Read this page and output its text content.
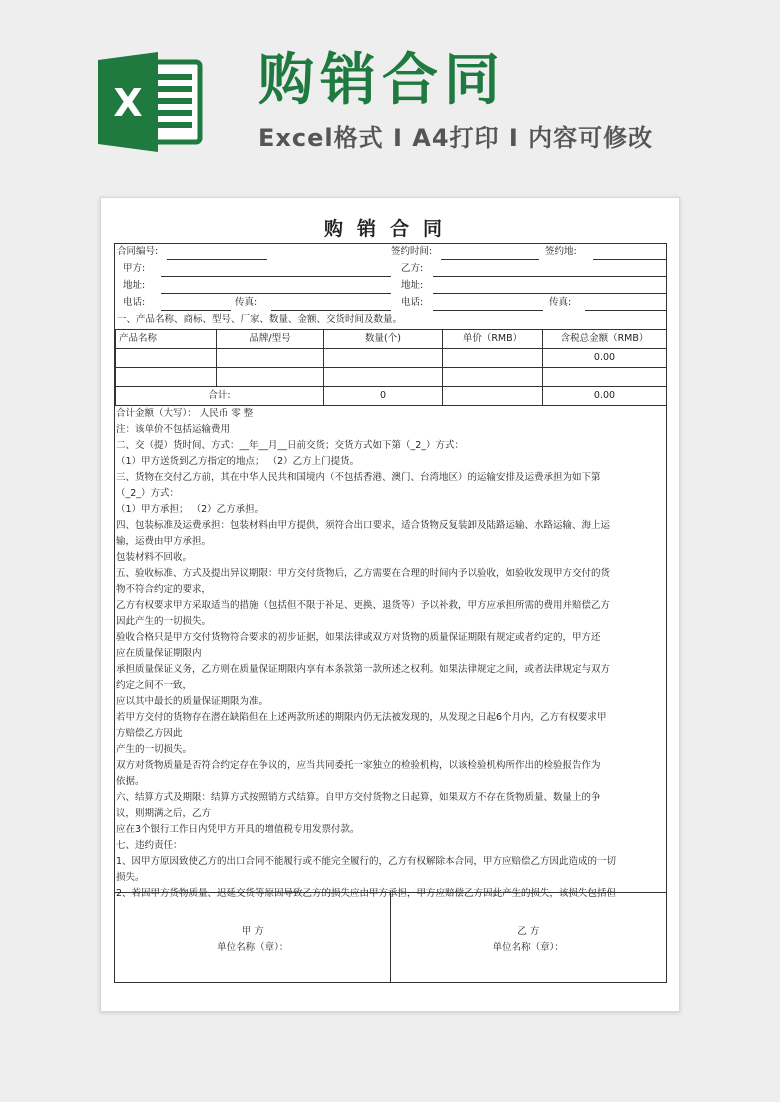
X 购销合同
Excel格式 Ⅰ A4打印 Ⅰ 内容可修改
购销合同
合同编号:	签约时间:	签约地:
甲方:	乙方:
地址:	地址:
电话:	传真:	电话:	传真:
一、产品名称、商标、型号、厂家、数量、金额、交货时间及数量。
产品名称	品牌/型号	数量(个)	单价（RMB）	含税总金额（RMB）
				0.00

合计:		0		0.00

合计金额（大写）： 人民币 零 整

注：该单价不包括运输费用

二、交（提）货时间、方式：__年__月__日前交货；交货方式如下第（_2_）方式：

（1）甲方送货到乙方指定的地点； （2）乙方上门提货。

三、货物在交付乙方前，其在中华人民共和国境内（不包括香港、澳门、台湾地区）的运输安排及运费承担为如下第

（_2_）方式：

（1）甲方承担； （2）乙方承担。

四、包装标准及运费承担：包装材料由甲方提供，须符合出口要求，适合货物反复装卸及陆路运输、水路运输、海上运

输，运费由甲方承担。

包装材料不回收。

五、验收标准、方式及提出异议期限：甲方交付货物后，乙方需要在合理的时间内予以验收，如验收发现甲方交付的货

物不符合约定的要求，

乙方有权要求甲方采取适当的措施（包括但不限于补足、更换、退货等）予以补救，甲方应承担所需的费用并赔偿乙方

因此产生的一切损失。

验收合格只是甲方交付货物符合要求的初步证据，如果法律或双方对货物的质量保证期限有规定或者约定的，甲方还

应在质量保证期限内

承担质量保证义务，乙方则在质量保证期限内享有本条款第一款所述之权利。如果法律规定之间，或者法律规定与双方

约定之间不一致，

应以其中最长的质量保证期限为准。

若甲方交付的货物存在潜在缺陷但在上述两款所述的期限内仍无法被发现的，从发现之日起6个月内，乙方有权要求甲

方赔偿乙方因此

产生的一切损失。

双方对货物质量是否符合约定存在争议的，应当共同委托一家独立的检验机构，以该检验机构所作出的检验报告作为

依据。

六、结算方式及期限：结算方式按照销方式结算。自甲方交付货物之日起算，如果双方不存在货物质量、数量上的争

议，则期满之后，乙方

应在3个银行工作日内凭甲方开具的增值税专用发票付款。

七、违约责任：

1、因甲方原因致使乙方的出口合同不能履行或不能完全履行的，乙方有权解除本合同，甲方应赔偿乙方因此造成的一切

损失。

2、若因甲方货物质量、迟延交货等原因导致乙方的损失应由甲方承担，甲方应赔偿乙方因此产生的损失，该损失包括但

甲 方
单位名称（章）：
乙 方
单位名称（章）：
